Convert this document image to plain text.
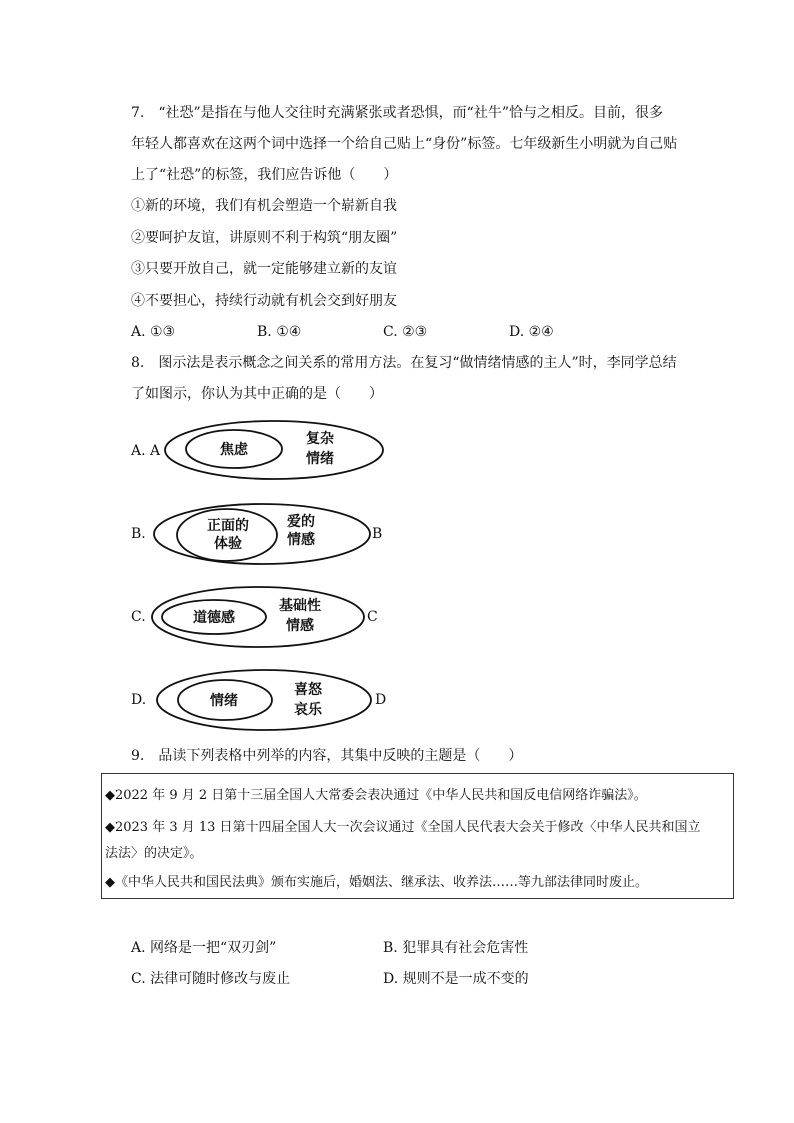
7.　“社恐”是指在与他人交往时充满紧张或者恐惧，而“社牛”恰与之相反。目前，很多
年轻人都喜欢在这两个词中选择一个给自己贴上“身份”标签。七年级新生小明就为自己贴
上了“社恐”的标签，我们应告诉他（　　）
①新的环境，我们有机会塑造一个崭新自我
②要呵护友谊，讲原则不利于构筑“朋友圈”
③只要开放自己，就一定能够建立新的友谊
④不要担心，持续行动就有机会交到好朋友
A. ①③	B. ①④	C. ②③	D. ②④
8.　图示法是表示概念之间关系的常用方法。在复习“做情绪情感的主人”时，李同学总结
了如图示，你认为其中正确的是（　　）
A. A	焦虑
复杂
情绪
B.	B
正面的
体验
爱的
情感
C.	C
道德感
基础性
情感
D.	D
情绪
喜怒
哀乐
9.　品读下列表格中列举的内容，其集中反映的主题是（　　）
◆2022 年 9 月 2 日第十三届全国人大常委会表决通过《中华人民共和国反电信网络诈骗法》。
◆2023 年 3 月 13 日第十四届全国人大一次会议通过《全国人民代表大会关于修改〈中华人民共和国立
法法〉的决定》。
◆《中华人民共和国民法典》颁布实施后，婚姻法、继承法、收养法……等九部法律同时废止。
A. 网络是一把“双刃剑”	B. 犯罪具有社会危害性
C. 法律可随时修改与废止	D. 规则不是一成不变的
